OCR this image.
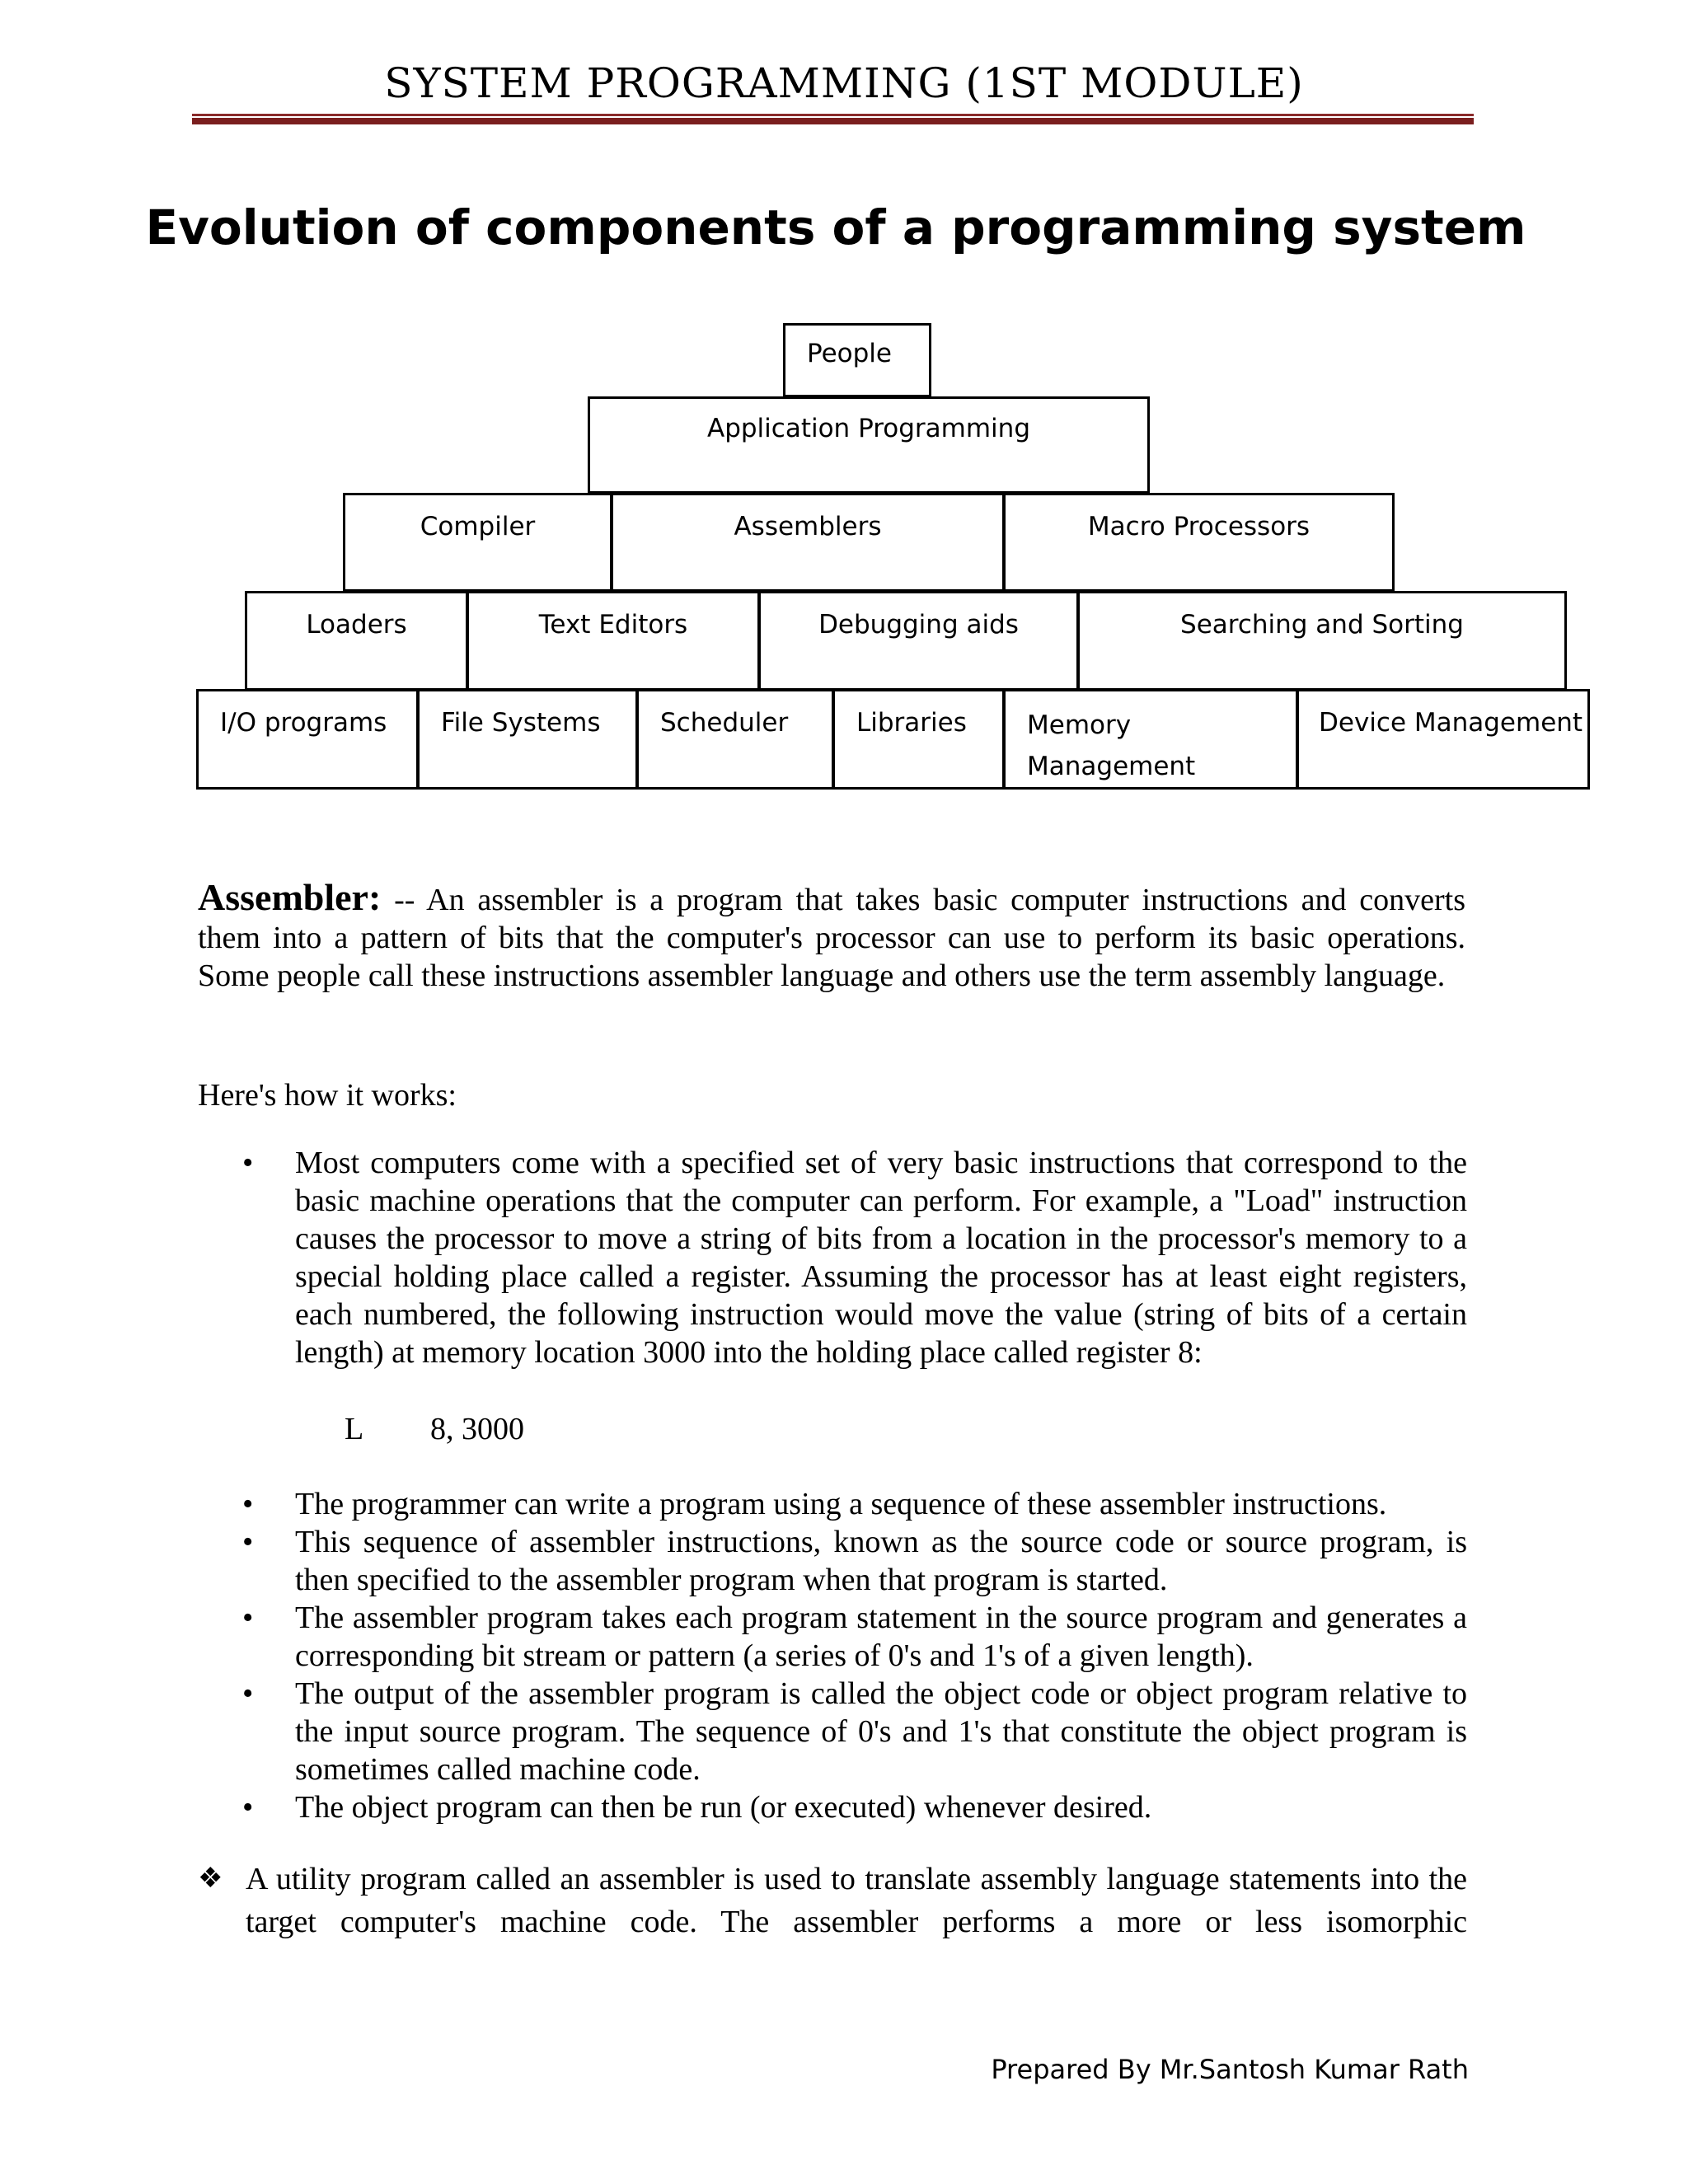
SYSTEM PROGRAMMING (1ST MODULE)
Evolution of components of a programming system
People
Application Programming
Compiler	Assemblers	Macro Processors
Loaders	Text Editors	Debugging aids	Searching and Sorting
I/O programs	File Systems	Scheduler	Libraries	Memory Management
Device Management
Assembler: -- An assembler is a program that takes basic computer instructions and converts them into a pattern of bits that the computer's processor can use to perform its basic operations. Some people call these instructions assembler language and others use the term assembly language.
Here's how it works:
• Most computers come with a specified set of very basic instructions that correspond to the basic machine operations that the computer can perform. For example, a "Load" instruction causes the processor to move a string of bits from a location in the processor's memory to a special holding place called a register. Assuming the processor has at least eight registers, each numbered, the following instruction would move the value (string of bits of a certain length) at memory location 3000 into the holding place called register 8:
L 8, 3000
• The programmer can write a program using a sequence of these assembler instructions.
• This sequence of assembler instructions, known as the source code or source program, is then specified to the assembler program when that program is started.
• The assembler program takes each program statement in the source program and generates a corresponding bit stream or pattern (a series of 0's and 1's of a given length).
• The output of the assembler program is called the object code or object program relative to the input source program. The sequence of 0's and 1's that constitute the object program is sometimes called machine code.
• The object program can then be run (or executed) whenever desired.
❖ A utility program called an assembler is used to translate assembly language statements into the target computer's machine code. The assembler performs a more or less isomorphic
Prepared By Mr.Santosh Kumar Rath
